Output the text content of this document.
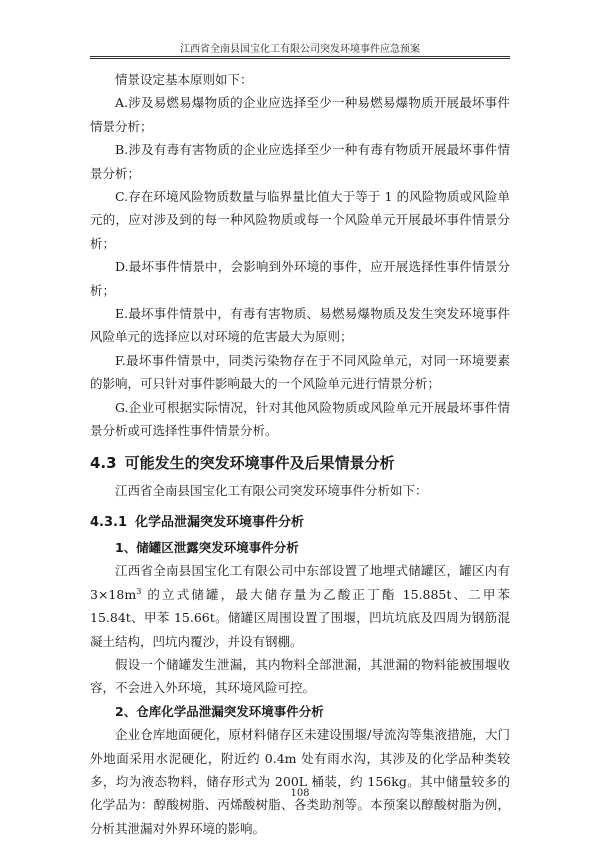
江西省全南县国宝化工有限公司突发环境事件应急预案

情景设定基本原则如下：

A.涉及易燃易爆物质的企业应选择至少一种易燃易爆物质开展最坏事件情景分析；

B.涉及有毒有害物质的企业应选择至少一种有毒有物质开展最坏事件情景分析；

C.存在环境风险物质数量与临界量比值大于等于 1 的风险物质或风险单元的，应对涉及到的每一种风险物质或每一个风险单元开展最坏事件情景分析；

D.最坏事件情景中，会影响到外环境的事件，应开展选择性事件情景分析；

E.最坏事件情景中，有毒有害物质、易燃易爆物质及发生突发环境事件风险单元的选择应以对环境的危害最大为原则；

F.最坏事件情景中，同类污染物存在于不同风险单元，对同一环境要素的影响，可只针对事件影响最大的一个风险单元进行情景分析；

G.企业可根据实际情况，针对其他风险物质或风险单元开展最坏事件情景分析或可选择性事件情景分析。

4.3 可能发生的突发环境事件及后果情景分析

江西省全南县国宝化工有限公司突发环境事件分析如下：

4.3.1 化学品泄漏突发环境事件分析

1、储罐区泄露突发环境事件分析

江西省全南县国宝化工有限公司中东部设置了地埋式储罐区，罐区内有 $3\times 18m^3$ 的立式储罐，最大储存量为乙酸正丁酯 15.885t、二甲苯 15.84t、甲苯 15.66t。储罐区周围设置了围堰，凹坑坑底及四周为钢筋混凝土结构，凹坑内覆沙，并设有钢棚。

假设一个储罐发生泄漏，其内物料全部泄漏，其泄漏的物料能被围堰收容，不会进入外环境，其环境风险可控。

2、仓库化学品泄漏突发环境事件分析

企业仓库地面硬化，原材料储存区未建设围堰/导流沟等集液措施，大门外地面采用水泥硬化，附近约 0.4m 处有雨水沟，其涉及的化学品种类较多，均为液态物料，储存形式为 200L 桶装，约 156kg。其中储量较多的化学品为：醇酸树脂、丙烯酸树脂、各类助剂等。本预案以醇酸树脂为例，分析其泄漏对外界环境的影响。

108
